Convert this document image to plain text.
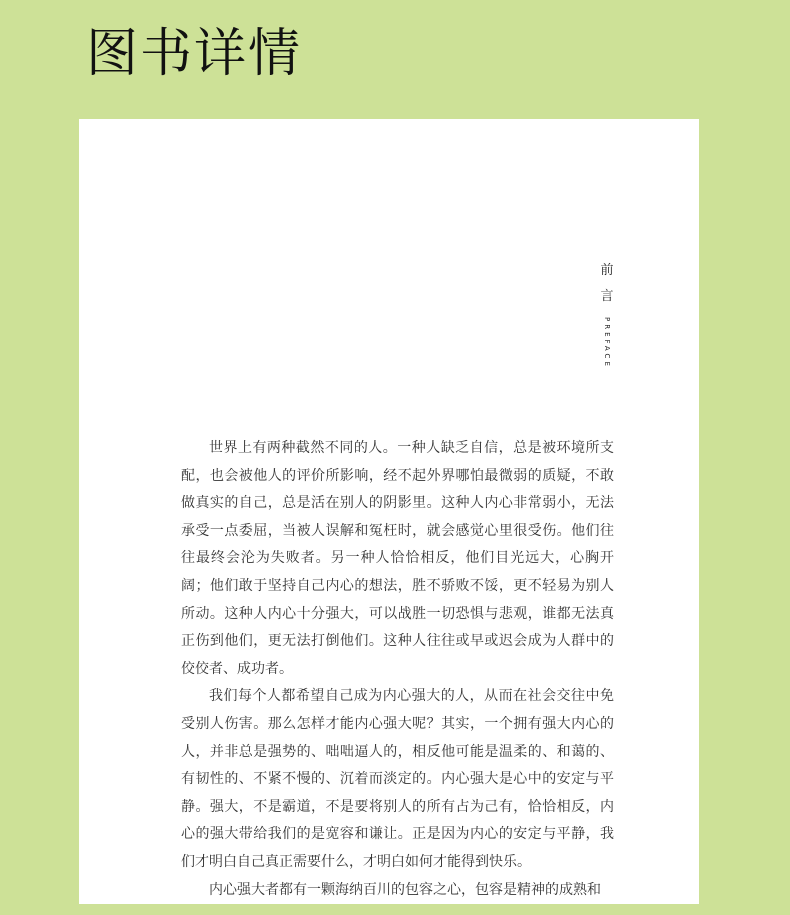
图书详情
前
言
PREFACE

世界上有两种截然不同的人。一种人缺乏自信，总是被环境所支配，也会被他人的评价所影响，经不起外界哪怕最微弱的质疑，不敢做真实的自己，总是活在别人的阴影里。这种人内心非常弱小，无法承受一点委屈，当被人误解和冤枉时，就会感觉心里很受伤。他们往往最终会沦为失败者。另一种人恰恰相反，他们目光远大，心胸开阔；他们敢于坚持自己内心的想法，胜不骄败不馁，更不轻易为别人所动。这种人内心十分强大，可以战胜一切恐惧与悲观，谁都无法真正伤到他们，更无法打倒他们。这种人往往或早或迟会成为人群中的佼佼者、成功者。

我们每个人都希望自己成为内心强大的人，从而在社会交往中免受别人伤害。那么怎样才能内心强大呢？其实，一个拥有强大内心的人，并非总是强势的、咄咄逼人的，相反他可能是温柔的、和蔼的、有韧性的、不紧不慢的、沉着而淡定的。内心强大是心中的安定与平静。强大，不是霸道，不是要将别人的所有占为己有，恰恰相反，内心的强大带给我们的是宽容和谦让。正是因为内心的安定与平静，我们才明白自己真正需要什么，才明白如何才能得到快乐。

内心强大者都有一颗海纳百川的包容之心，包容是精神的成熟和
